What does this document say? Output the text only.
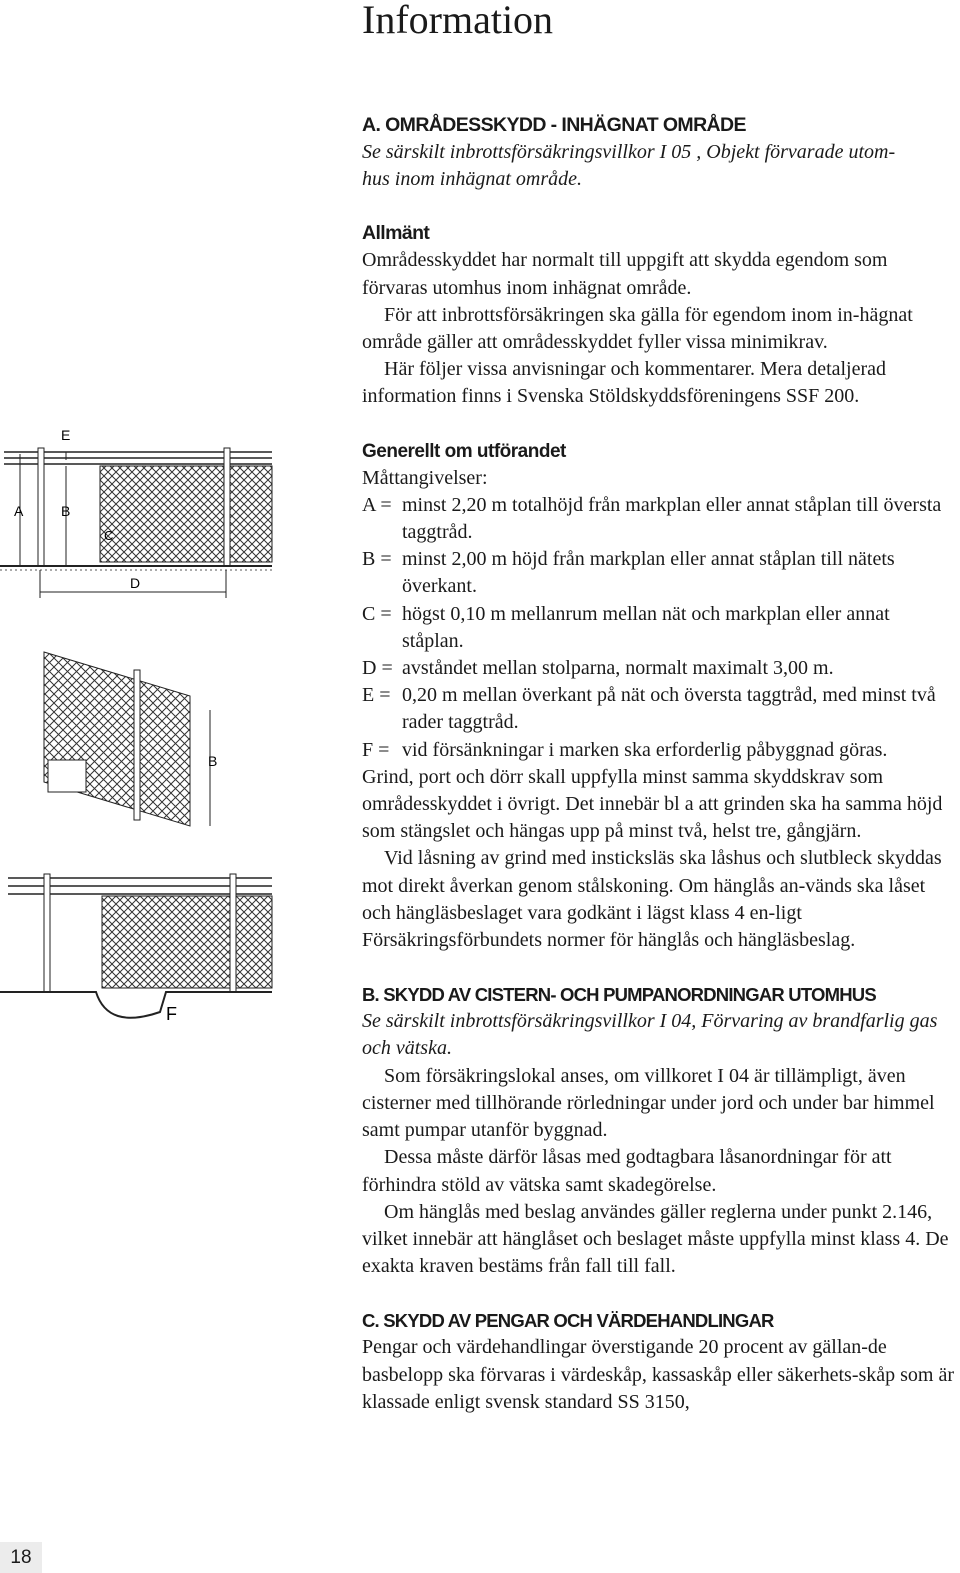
Information
A	B
E
C
D
B
F
A. OMRÅDESSKYDD - INHÄGNAT OMRÅDE
Se särskilt inbrottsförsäkringsvillkor I 05 , Objekt förvarade utom-
hus inom inhägnat område.
Allmänt

Områdesskyddet har normalt till uppgift att skydda egendom som förvaras utomhus inom inhägnat område.

För att inbrottsförsäkringen ska gälla för egendom inom in-hägnat område gäller att områdesskyddet fyller vissa minimikrav.

Här följer vissa anvisningar och kommentarer. Mera detaljerad information finns i Svenska Stöldskyddsföreningens SSF 200.

Generellt om utförandet

Måttangivelser:

A = minst 2,20 m totalhöjd från markplan eller annat ståplan till översta taggtråd.
B = minst 2,00 m höjd från markplan eller annat ståplan till nätets överkant.
C = högst 0,10 m mellanrum mellan nät och markplan eller annat ståplan.
D = avståndet mellan stolparna, normalt maximalt 3,00 m.
E = 0,20 m mellan överkant på nät och översta taggtråd, med minst två rader taggtråd.
F = vid försänkningar i marken ska erforderlig påbyggnad göras.

Grind, port och dörr skall uppfylla minst samma skyddskrav som områdesskyddet i övrigt. Det innebär bl a att grinden ska ha samma höjd som stängslet och hängas upp på minst två, helst tre, gångjärn.

Vid låsning av grind med insticksläs ska låshus och slutbleck skyddas mot direkt åverkan genom stålskoning. Om hänglås an-vänds ska låset och hängläsbeslaget vara godkänt i lägst klass 4 en-ligt Försäkringsförbundets normer för hänglås och hängläsbeslag.

B. SKYDD AV CISTERN- OCH PUMPANORDNINGAR UTOMHUS

Se särskilt inbrottsförsäkringsvillkor I 04, Förvaring av brandfarlig gas och vätska.

Som försäkringslokal anses, om villkoret I 04 är tillämpligt, även cisterner med tillhörande rörledningar under jord och under bar himmel samt pumpar utanför byggnad.

Dessa måste därför låsas med godtagbara låsanordningar för att förhindra stöld av vätska samt skadegörelse.

Om hänglås med beslag användes gäller reglerna under punkt 2.146, vilket innebär att hänglåset och beslaget måste uppfylla minst klass 4. De exakta kraven bestäms från fall till fall.

C. SKYDD AV PENGAR OCH VÄRDEHANDLINGAR

Pengar och värdehandlingar överstigande 20 procent av gällan-de basbelopp ska förvaras i värdeskåp, kassaskåp eller säkerhets-skåp som är klassade enligt svensk standard SS 3150,

18
